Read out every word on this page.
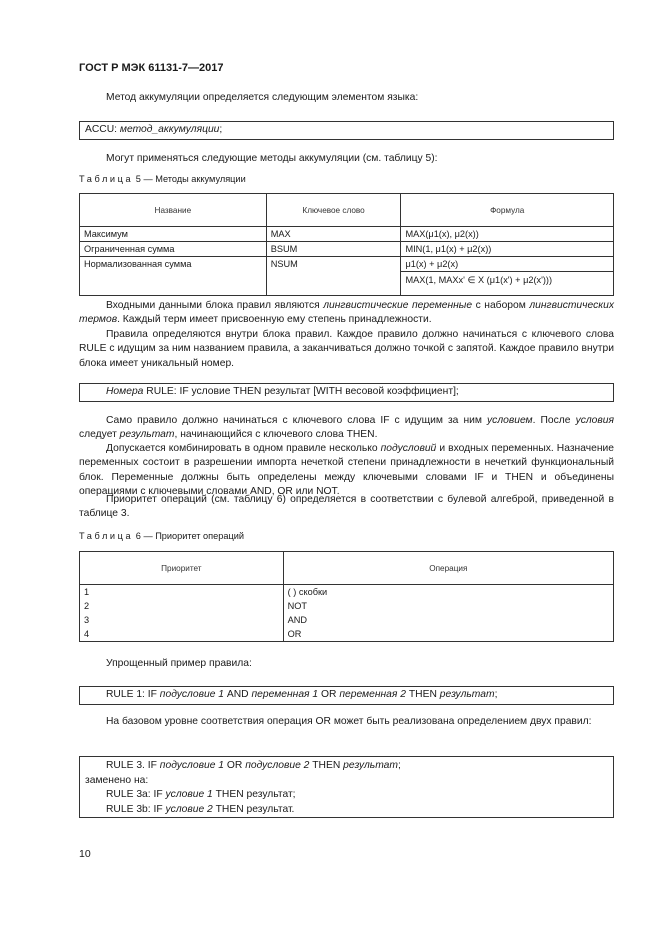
ГОСТ Р МЭК 61131-7—2017
Метод аккумуляции определяется следующим элементом языка:
ACCU: метод_аккумуляции;
Могут применяться следующие методы аккумуляции (см. таблицу 5):
Таблица 5 — Методы аккумуляции
Название	Ключевое слово	Формула
Максимум	MAX	MAX(μ1(x), μ2(x))
Ограниченная сумма	BSUM	MIN(1, μ1(x) + μ2(x))
Нормализованная сумма	NSUM	μ1(x) + μ2(x)
MAX(1, MAXx' ∈ X (μ1(x') + μ2(x')))
Входными данными блока правил являются лингвистические переменные с набором лингвистических термов. Каждый терм имеет присвоенную ему степень принадлежности.
Правила определяются внутри блока правил. Каждое правило должно начинаться с ключевого слова RULE с идущим за ним названием правила, а заканчиваться должно точкой с запятой. Каждое правило внутри блока имеет уникальный номер.
Номера RULE: IF условие THEN результат [WITH весовой коэффициент];
Само правило должно начинаться с ключевого слова IF с идущим за ним условием. После условия следует результат, начинающийся с ключевого слова THEN.
Допускается комбинировать в одном правиле несколько подусловий и входных переменных. Назначение переменных состоит в разрешении импорта нечеткой степени принадлежности в нечеткий функциональный блок. Переменные должны быть определены между ключевыми словами IF и THEN и объединены операциями с ключевыми словами AND, OR или NOT.
Приоритет операций (см. таблицу 6) определяется в соответствии с булевой алгеброй, приведенной в таблице 3.
Таблица 6 — Приоритет операций
Приоритет	Операция
1	( ) скобки
2	NOT
3	AND
4	OR
Упрощенный пример правила:
RULE 1: IF подусловие 1 AND переменная 1 OR переменная 2 THEN результат;
На базовом уровне соответствия операция OR может быть реализована определением двух правил:
RULE 3. IF подусловие 1 OR подусловие 2 THEN результат;
заменено на:
RULE 3a: IF условие 1 THEN результат;
RULE 3b: IF условие 2 THEN результат.
10
